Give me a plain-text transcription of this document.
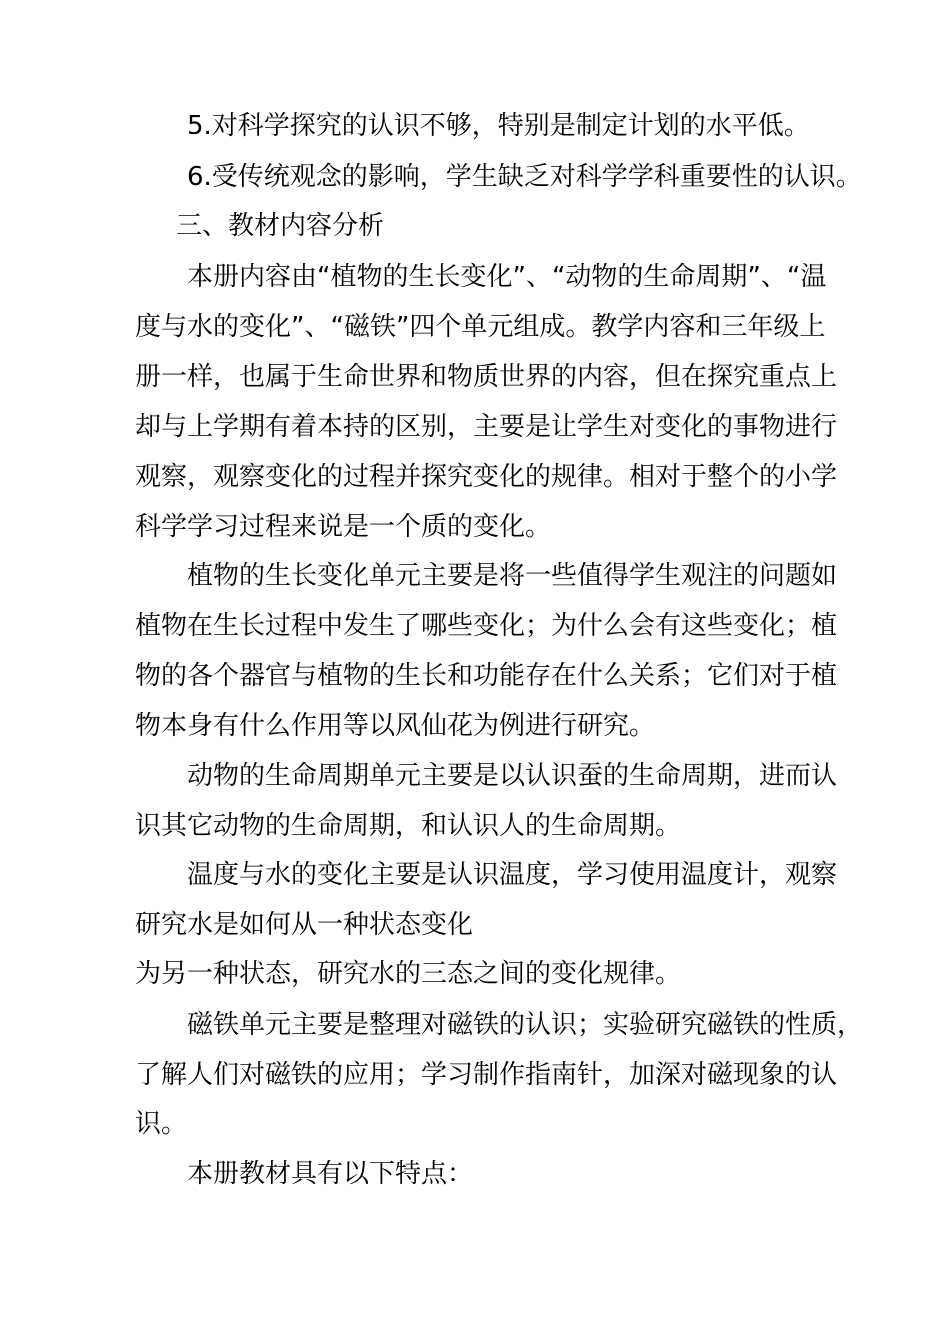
5.对科学探究的认识不够，特别是制定计划的水平低。
6.受传统观念的影响，学生缺乏对科学学科重要性的认识。
三、教材内容分析
本册内容由“植物的生长变化”、“动物的生命周期”、“温
度与水的变化”、“磁铁”四个单元组成。教学内容和三年级上
册一样，也属于生命世界和物质世界的内容，但在探究重点上
却与上学期有着本持的区别，主要是让学生对变化的事物进行
观察，观察变化的过程并探究变化的规律。相对于整个的小学
科学学习过程来说是一个质的变化。
植物的生长变化单元主要是将一些值得学生观注的问题如
植物在生长过程中发生了哪些变化；为什么会有这些变化；植
物的各个器官与植物的生长和功能存在什么关系；它们对于植
物本身有什么作用等以风仙花为例进行研究。
动物的生命周期单元主要是以认识蚕的生命周期，进而认
识其它动物的生命周期，和认识人的生命周期。
温度与水的变化主要是认识温度，学习使用温度计，观察
研究水是如何从一种状态变化
为另一种状态，研究水的三态之间的变化规律。
磁铁单元主要是整理对磁铁的认识；实验研究磁铁的性质，
了解人们对磁铁的应用；学习制作指南针，加深对磁现象的认
识。
本册教材具有以下特点：
